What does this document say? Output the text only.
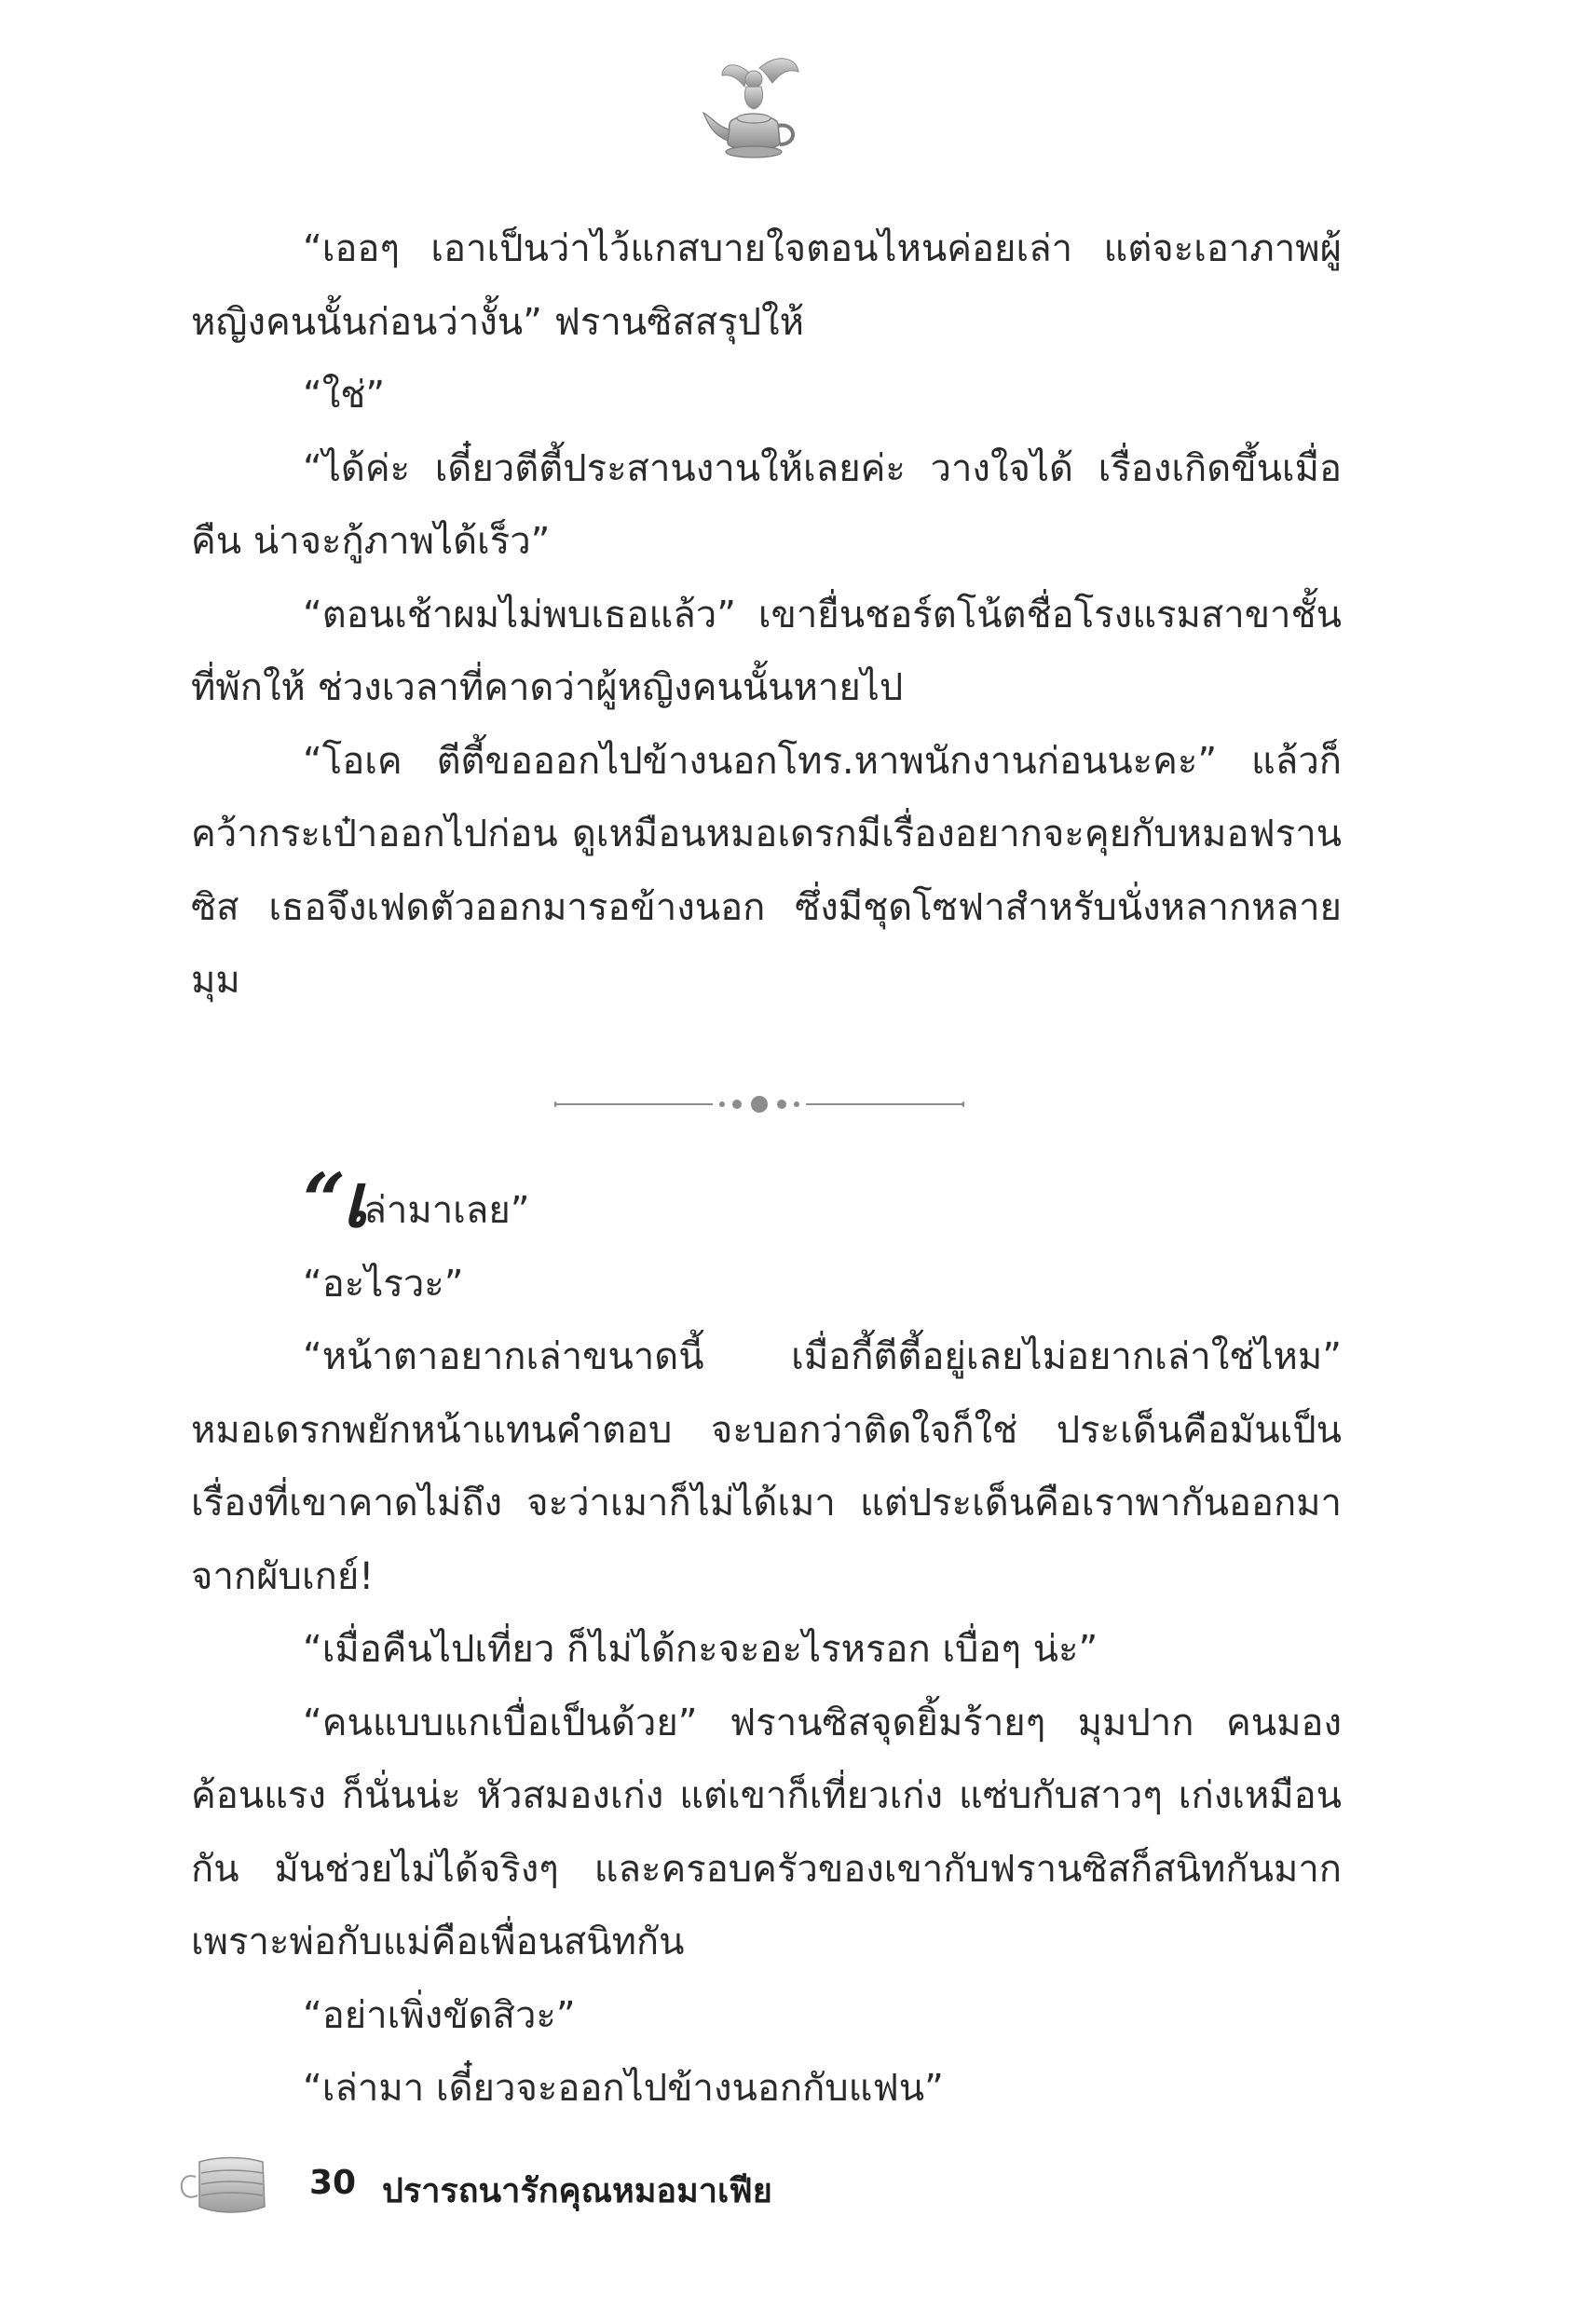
“เออๆ เอาเป็นว่าไว้แกสบายใจตอนไหนค่อยเล่า แต่จะเอาภาพผู้หญิงคนนั้นก่อนว่างั้น” ฟรานซิสสรุปให้

“ใช่”

“ได้ค่ะ เดี๋ยวตีตี้ประสานงานให้เลยค่ะ วางใจได้ เรื่องเกิดขึ้นเมื่อคืน น่าจะกู้ภาพได้เร็ว”

“ตอนเช้าผมไม่พบเธอแล้ว” เขายื่นชอร์ตโน้ตชื่อโรงแรมสาขาชั้นที่พักให้ ช่วงเวลาที่คาดว่าผู้หญิงคนนั้นหายไป

“โอเค ตีตี้ขอออกไปข้างนอกโทร.หาพนักงานก่อนนะคะ” แล้วก็คว้ากระเป๋าออกไปก่อน ดูเหมือนหมอเดรกมีเรื่องอยากจะคุยกับหมอฟรานซิส เธอจึงเฟดตัวออกมารอข้างนอก ซึ่งมีชุดโซฟาสำหรับนั่งหลากหลายมุม

“เล่ามาเลย”

“อะไรวะ”

“หน้าตาอยากเล่าขนาดนี้ เมื่อกี้ตีตี้อยู่เลยไม่อยากเล่าใช่ไหม” หมอเดรกพยักหน้าแทนคำตอบ จะบอกว่าติดใจก็ใช่ ประเด็นคือมันเป็นเรื่องที่เขาคาดไม่ถึง จะว่าเมาก็ไม่ได้เมา แต่ประเด็นคือเราพากันออกมาจากผับเกย์!

“เมื่อคืนไปเที่ยว ก็ไม่ได้กะจะอะไรหรอก เบื่อๆ น่ะ”

“คนแบบแกเบื่อเป็นด้วย” ฟรานซิสจุดยิ้มร้ายๆ มุมปาก คนมองค้อนแรง ก็นั่นน่ะ หัวสมองเก่ง แต่เขาก็เที่ยวเก่ง แซ่บกับสาวๆ เก่งเหมือนกัน มันช่วยไม่ได้จริงๆ และครอบครัวของเขากับฟรานซิสก็สนิทกันมาก เพราะพ่อกับแม่คือเพื่อนสนิทกัน

“อย่าเพิ่งขัดสิวะ”

“เล่ามา เดี๋ยวจะออกไปข้างนอกกับแฟน”

30 ปรารถนารักคุณหมอมาเฟีย
